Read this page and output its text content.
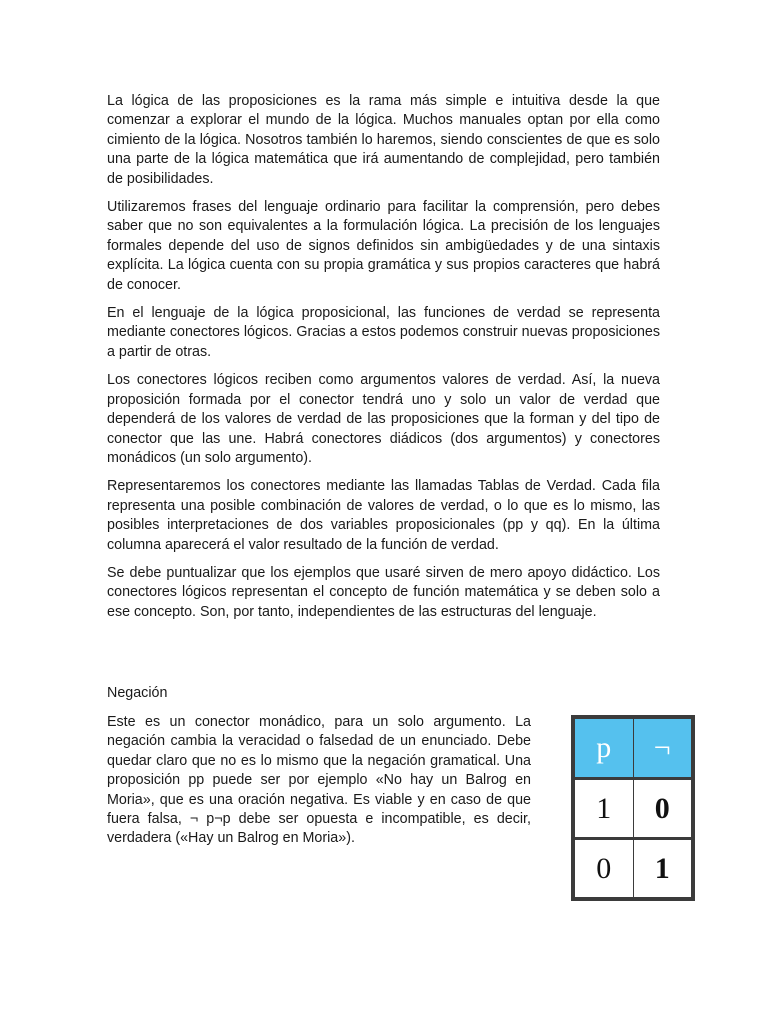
La lógica de las proposiciones es la rama más simple e intuitiva desde la que comenzar a explorar el mundo de la lógica. Muchos manuales optan por ella como cimiento de la lógica. Nosotros también lo haremos, siendo conscientes de que es solo una parte de la lógica matemática que irá aumentando de complejidad, pero también de posibilidades.

Utilizaremos frases del lenguaje ordinario para facilitar la comprensión, pero debes saber que no son equivalentes a la formulación lógica. La precisión de los lenguajes formales depende del uso de signos definidos sin ambigüedades y de una sintaxis explícita. La lógica cuenta con su propia gramática y sus propios caracteres que habrá de conocer.

En el lenguaje de la lógica proposicional, las funciones de verdad se representa mediante conectores lógicos. Gracias a estos podemos construir nuevas proposiciones a partir de otras.

Los conectores lógicos reciben como argumentos valores de verdad. Así, la nueva proposición formada por el conector tendrá uno y solo un valor de verdad que dependerá de los valores de verdad de las proposiciones que la forman y del tipo de conector que las une. Habrá conectores diádicos (dos argumentos) y conectores monádicos (un solo argumento).

Representaremos los conectores mediante las llamadas Tablas de Verdad. Cada fila representa una posible combinación de valores de verdad, o lo que es lo mismo, las posibles interpretaciones de dos variables proposicionales (pp y qq). En la última columna aparecerá el valor resultado de la función de verdad.

Se debe puntualizar que los ejemplos que usaré sirven de mero apoyo didáctico. Los conectores lógicos representan el concepto de función matemática y se deben solo a ese concepto. Son, por tanto, independientes de las estructuras del lenguaje.

Negación

Este es un conector monádico, para un solo argumento. La negación cambia la veracidad o falsedad de un enunciado. Debe quedar claro que no es lo mismo que la negación gramatical. Una proposición pp puede ser por ejemplo «No hay un Balrog en Moria», que es una oración negativa. Es viable y en caso de que fuera falsa, ¬ p¬p debe ser opuesta e incompatible, es decir, verdadera («Hay un Balrog en Moria»).

p	¬
1	0
0	1
